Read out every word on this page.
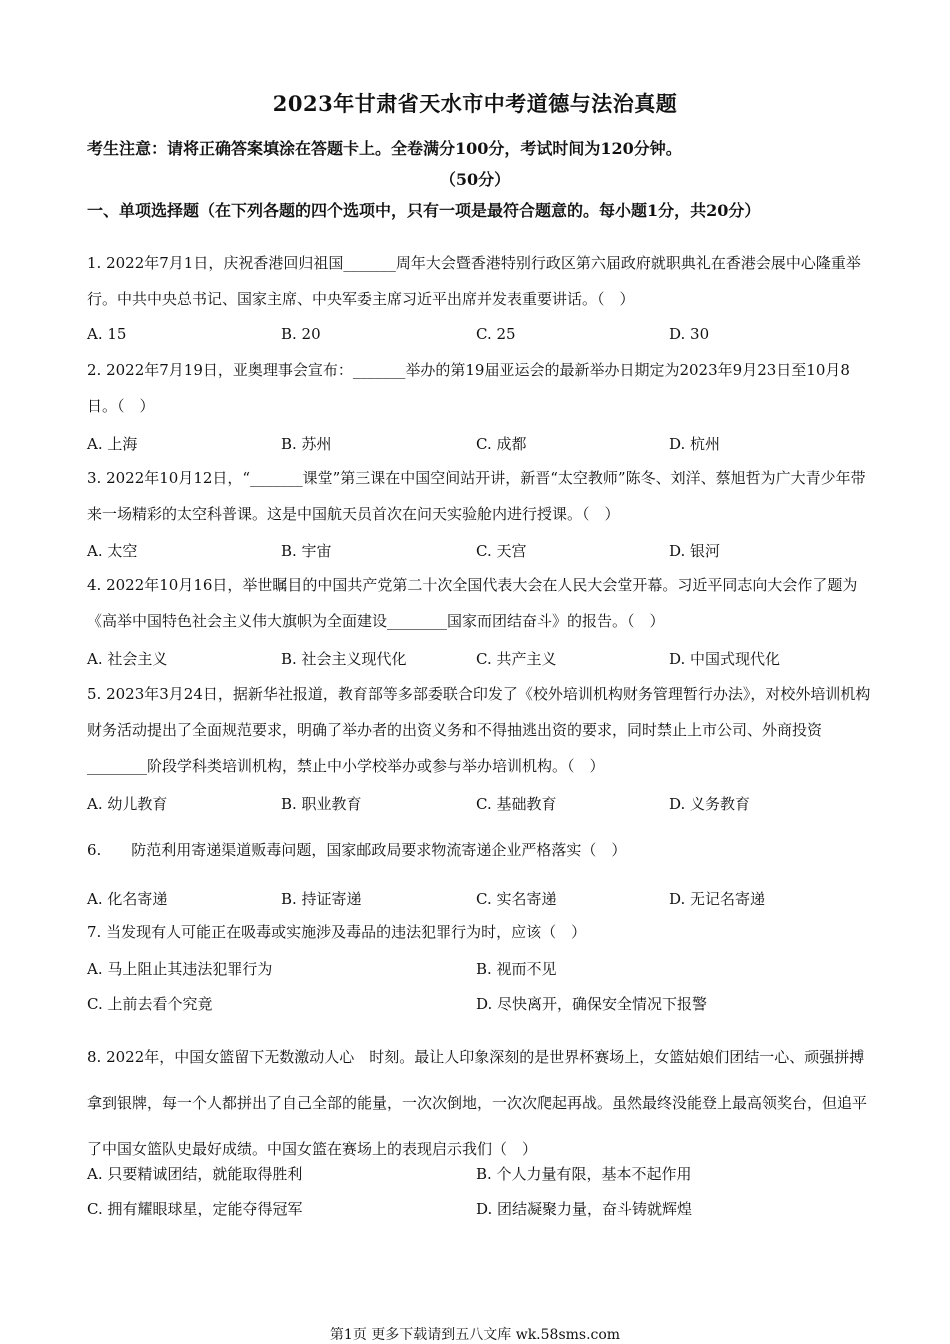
2023年甘肃省天水市中考道德与法治真题
考生注意：请将正确答案填涂在答题卡上。全卷满分100分，考试时间为120分钟。
（50分）
一、单项选择题（在下列各题的四个选项中，只有一项是最符合题意的。每小题1分，共20分）
1. 2022年7月1日，庆祝香港回归祖国_______周年大会暨香港特别行政区第六届政府就职典礼在香港会展中心隆重举行。中共中央总书记、国家主席、中央军委主席习近平出席并发表重要讲话。（　）
A. 15	B. 20	C. 25	D. 30
2. 2022年7月19日，亚奥理事会宣布：_______举办的第19届亚运会的最新举办日期定为2023年9月23日至10月8日。（　）
A. 上海	B. 苏州	C. 成都	D. 杭州
3. 2022年10月12日，“_______课堂”第三课在中国空间站开讲，新晋“太空教师”陈冬、刘洋、蔡旭哲为广大青少年带来一场精彩的太空科普课。这是中国航天员首次在问天实验舱内进行授课。（　）
A. 太空	B. 宇宙	C. 天宫	D. 银河
4. 2022年10月16日，举世瞩目的中国共产党第二十次全国代表大会在人民大会堂开幕。习近平同志向大会作了题为《高举中国特色社会主义伟大旗帜为全面建设________国家而团结奋斗》的报告。（　）
A. 社会主义	B. 社会主义现代化	C. 共产主义	D. 中国式现代化
5. 2023年3月24日，据新华社报道，教育部等多部委联合印发了《校外培训机构财务管理暂行办法》，对校外培训机构财务活动提出了全面规范要求，明确了举办者的出资义务和不得抽逃出资的要求，同时禁止上市公司、外商投资________阶段学科类培训机构，禁止中小学校举办或参与举办培训机构。（　）
A. 幼儿教育	B. 职业教育	C. 基础教育	D. 义务教育
6.　　防范利用寄递渠道贩毒问题，国家邮政局要求物流寄递企业严格落实（　）
A. 化名寄递	B. 持证寄递	C. 实名寄递	D. 无记名寄递
7. 当发现有人可能正在吸毒或实施涉及毒品的违法犯罪行为时，应该（　）
A. 马上阻止其违法犯罪行为	B. 视而不见
C. 上前去看个究竟	D. 尽快离开，确保安全情况下报警
8. 2022年，中国女篮留下无数激动人心　时刻。最让人印象深刻的是世界杯赛场上，女篮姑娘们团结一心、顽强拼搏拿到银牌，每一个人都拼出了自己全部的能量，一次次倒地，一次次爬起再战。虽然最终没能登上最高领奖台，但追平了中国女篮队史最好成绩。中国女篮在赛场上的表现启示我们（　）
A. 只要精诚团结，就能取得胜利	B. 个人力量有限，基本不起作用
C. 拥有耀眼球星，定能夺得冠军	D. 团结凝聚力量，奋斗铸就辉煌
第1页 更多下载请到五八文库 wk.58sms.com
